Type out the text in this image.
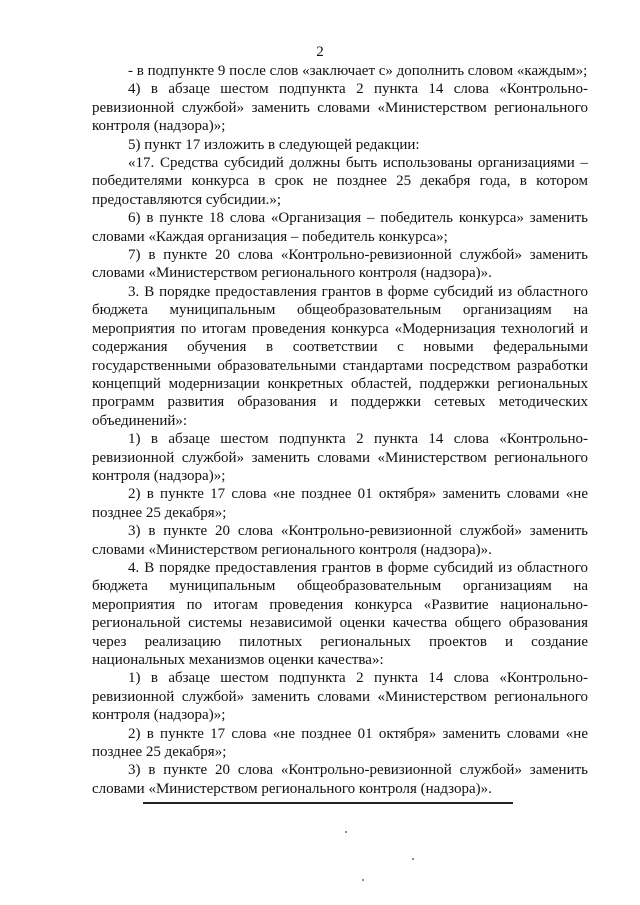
2

- в подпункте 9 после слов «заключает с» дополнить словом «каждым»;

4) в абзаце шестом подпункта 2 пункта 14 слова «Контрольно-ревизионной службой» заменить словами «Министерством регионального контроля (надзора)»;

5) пункт 17 изложить в следующей редакции:

«17. Средства субсидий должны быть использованы организациями – победителями конкурса в срок не позднее 25 декабря года, в котором предоставляются субсидии.»;

6) в пункте 18 слова «Организация – победитель конкурса» заменить словами «Каждая организация – победитель конкурса»;

7) в пункте 20 слова «Контрольно-ревизионной службой» заменить словами «Министерством регионального контроля (надзора)».

3. В порядке предоставления грантов в форме субсидий из областного бюджета муниципальным общеобразовательным организациям на мероприятия по итогам проведения конкурса «Модернизация технологий и содержания обучения в соответствии с новыми федеральными государственными образовательными стандартами посредством разработки концепций модернизации конкретных областей, поддержки региональных программ развития образования и поддержки сетевых методических объединений»:

1) в абзаце шестом подпункта 2 пункта 14 слова «Контрольно-ревизионной службой» заменить словами «Министерством регионального контроля (надзора)»;

2) в пункте 17 слова «не позднее 01 октября» заменить словами «не позднее 25 декабря»;

3) в пункте 20 слова «Контрольно-ревизионной службой» заменить словами «Министерством регионального контроля (надзора)».

4. В порядке предоставления грантов в форме субсидий из областного бюджета муниципальным общеобразовательным организациям на мероприятия по итогам проведения конкурса «Развитие национально-региональной системы независимой оценки качества общего образования через реализацию пилотных региональных проектов и создание национальных механизмов оценки качества»:

1) в абзаце шестом подпункта 2 пункта 14 слова «Контрольно-ревизионной службой» заменить словами «Министерством регионального контроля (надзора)»;

2) в пункте 17 слова «не позднее 01 октября» заменить словами «не позднее 25 декабря»;

3) в пункте 20 слова «Контрольно-ревизионной службой» заменить словами «Министерством регионального контроля (надзора)».
